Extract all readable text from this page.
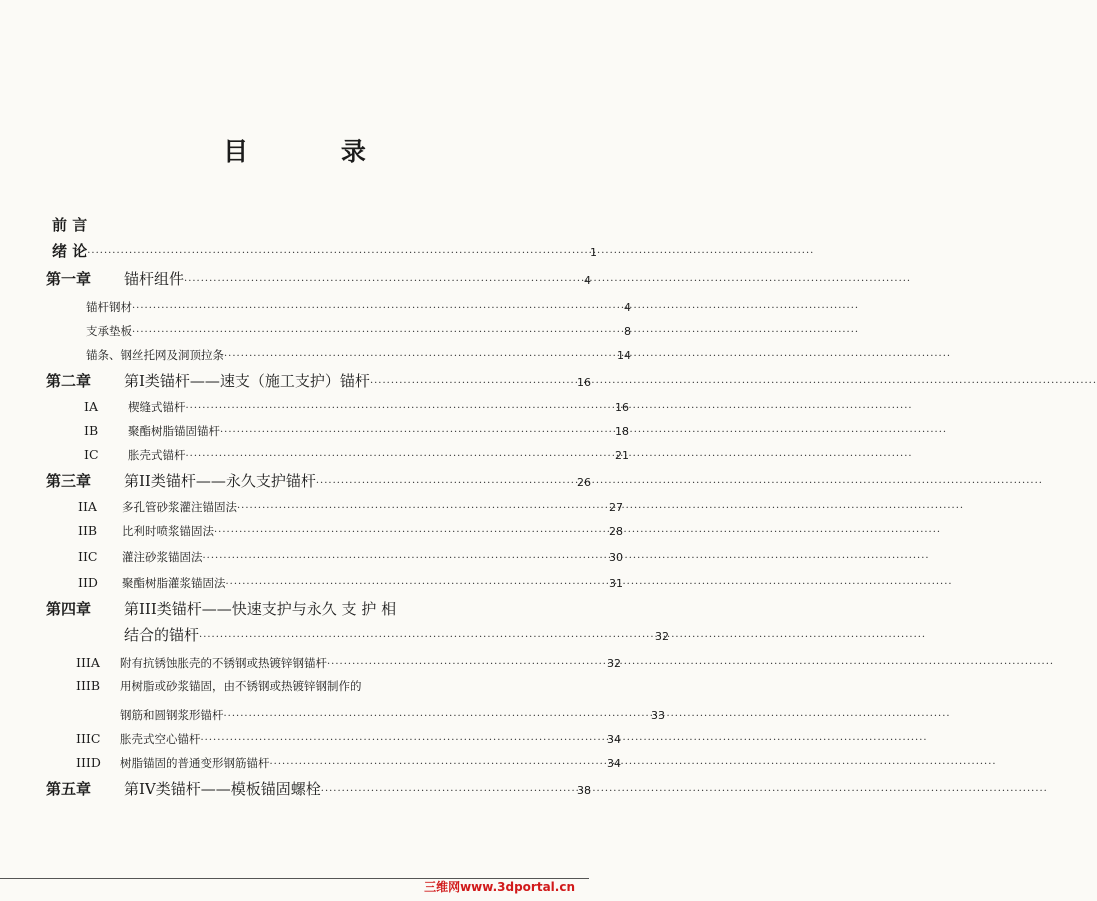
目 录
前 言
绪 论 ·····	1
第一章 锚杆组件 ·····	4
锚杆钢材 ·····	4
支承垫板 ·····	8
锚条、钢丝托网及洞顶拉条 ·····	14
第二章 第I类锚杆——速支（施工支护）锚杆 ·····	16
IA	楔缝式锚杆 ·····	16
IB	聚酯树脂锚固锚杆 ·····	18
IC	胀壳式锚杆 ·····	21
第三章 第II类锚杆——永久支护锚杆 ·····	26
IIA 多孔管砂浆灌注锚固法 ·····	27
IIB 比利时喷浆锚固法 ·····	28
IIC 灌注砂浆锚固法 ·····	30
IID 聚酯树脂灌浆锚固法 ·····	31
第四章 第III类锚杆——快速支护与永久 支 护 相
结合的锚杆 ·····	32
IIIA 附有抗锈蚀胀壳的不锈钢或热镀锌钢锚杆 ·····	32
IIIB 用树脂或砂浆锚固，由不锈钢或热镀锌钢制作的
钢筋和圆钢浆形锚杆 ·····	33
IIIC 胀壳式空心锚杆 ·····	34
IIID 树脂锚固的普通变形钢筋锚杆 ·····	34
第五章 第IV类锚杆——模板锚固螺栓 ·····	38
三维网www.3dportal.cn
